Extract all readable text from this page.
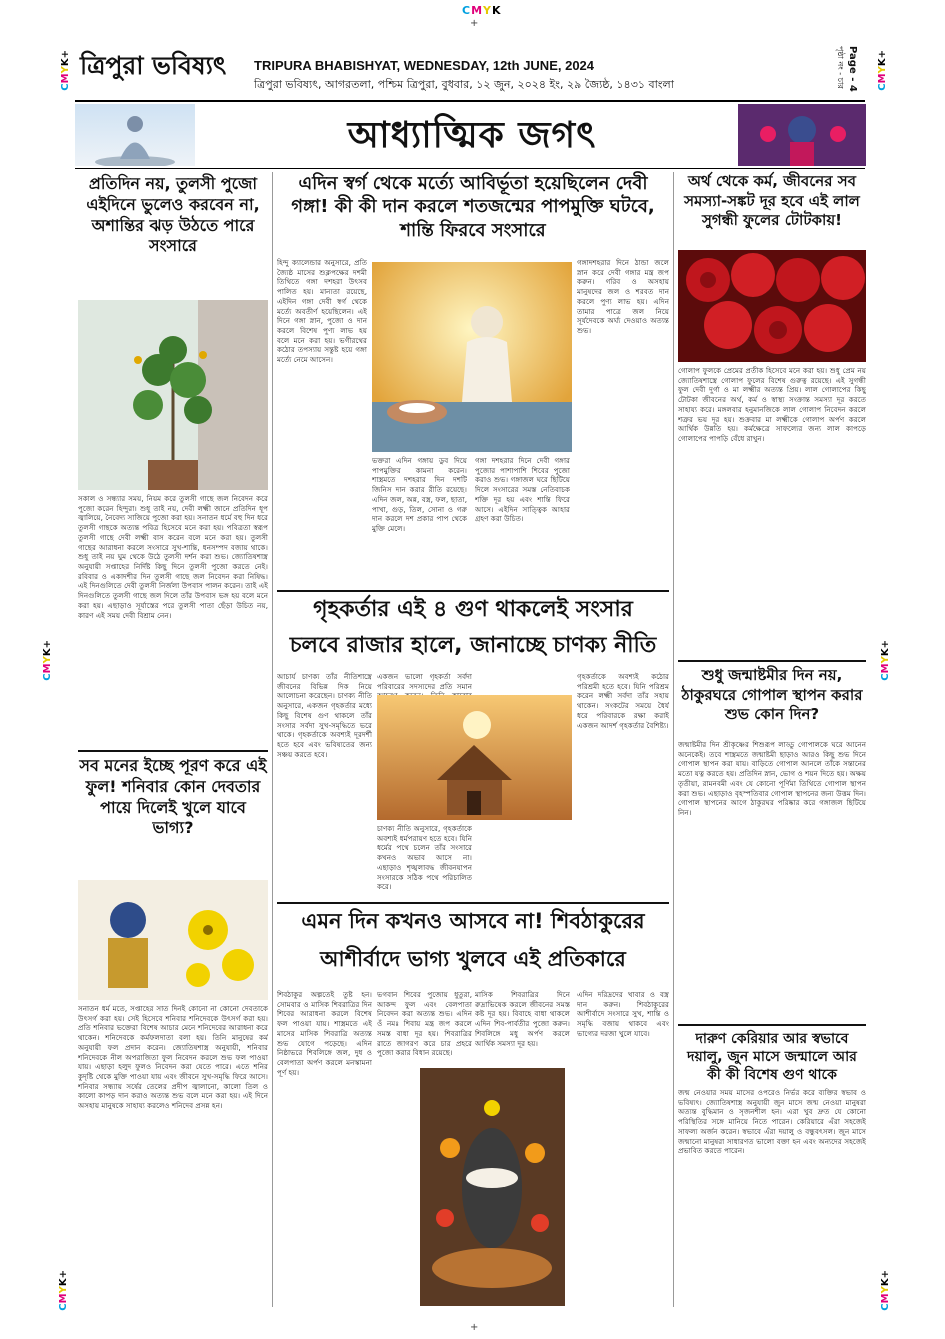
CMYK
+
CMYK+
CMYK+
CMYK+
CMYK+
CMYK+
CMYK+
+
ত্রিপুরা ভবিষ্যৎ TRIPURA BHABISHYAT, WEDNESDAY, 12th JUNE, 2024
ত্রিপুরা ভবিষ্যৎ, আগরতলা, পশ্চিম ত্রিপুরা, বুধবার, ১২ জুন, ২০২৪ ইং, ২৯ জ্যৈষ্ঠ, ১৪৩১ বাংলা	Page - 4 পৃষ্ঠা নং - চার
আধ্যাত্মিক জগৎ
প্রতিদিন নয়, তুলসী পুজো এইদিনে ভুলেও করবেন না, অশান্তির ঝড় উঠতে পারে সংসারে
সকাল ও সন্ধ্যার সময়, নিয়ম করে তুলসী গাছে জল নিবেদন করে পুজো করেন হিন্দুরা। শুধু তাই নয়, দেবী লক্ষ্মী জানে প্রতিদিন ধূপ জ্বালিয়ে, নৈবেদ্য সাজিয়ে পুজো করা হয়। সনাতন ধর্মে বহু দিন ধরে তুলসী গাছকে অত্যন্ত পবিত্র হিসেবে মনে করা হয়। পবিত্রতা স্বরূপ তুলসী গাছে দেবী লক্ষ্মী বাস করেন বলে মনে করা হয়। তুলসী গাছের আরাধনা করলে সংসারে সুখ-শান্তি, ধনসম্পদ বজায় থাকে। শুধু তাই নয় ঘুম থেকে উঠে তুলসী দর্শন করা শুভ। জ্যোতিষশাস্ত্র অনুযায়ী সপ্তাহের নির্দিষ্ট কিছু দিনে তুলসী পুজো করতে নেই। রবিবার ও একাদশীর দিন তুলসী গাছে জল নিবেদন করা নিষিদ্ধ। এই দিনগুলিতে দেবী তুলসী নির্জলা উপবাস পালন করেন। তাই এই দিনগুলিতে তুলসী গাছে জল দিলে তাঁর উপবাস ভঙ্গ হয় বলে মনে করা হয়। এছাড়াও সূর্যাস্তের পরে তুলসী পাতা ছেঁড়া উচিত নয়, কারণ এই সময় দেবী বিশ্রাম নেন।
সব মনের ইচ্ছে পূরণ করে এই ফুল! শনিবার কোন দেবতার পায়ে দিলেই খুলে যাবে ভাগ্য?
সনাতন ধর্ম মতে, সপ্তাহের সাত দিনই কোনো না কোনো দেবতাকে উৎসর্গ করা হয়। সেই হিসেবে শনিবার শনিদেবকে উৎসর্গ করা হয়। প্রতি শনিবার ভক্তেরা বিশেষ আচার মেনে শনিদেবের আরাধনা করে থাকেন। শনিদেবকে কর্মফলদাতা বলা হয়। তিনি মানুষের কর্ম অনুযায়ী ফল প্রদান করেন। জ্যোতিষশাস্ত্র অনুযায়ী, শনিবার শনিদেবকে নীল অপরাজিতা ফুল নিবেদন করলে শুভ ফল পাওয়া যায়। এছাড়া হলুদ ফুলও নিবেদন করা যেতে পারে। এতে শনির কুদৃষ্টি থেকে মুক্তি পাওয়া যায় এবং জীবনে সুখ-সমৃদ্ধি ফিরে আসে। শনিবার সন্ধ্যায় সর্ষের তেলের প্রদীপ জ্বালানো, কালো তিল ও কালো কাপড় দান করাও অত্যন্ত শুভ বলে মনে করা হয়। এই দিনে অসহায় মানুষকে সাহায্য করলেও শনিদেব প্রসন্ন হন।
এদিন স্বর্গ থেকে মর্ত্যে আবির্ভূতা হয়েছিলেন দেবী গঙ্গা! কী কী দান করলে শতজন্মের পাপমুক্তি ঘটবে, শান্তি ফিরবে সংসারে
হিন্দু ক্যালেন্ডার অনুসারে, প্রতি জ্যৈষ্ঠ মাসের শুক্লপক্ষের দশমী তিথিতে গঙ্গা দশহরা উৎসব পালিত হয়। মান্যতা রয়েছে, এইদিন গঙ্গা দেবী স্বর্গ থেকে মর্ত্যে অবতীর্ণ হয়েছিলেন। এই দিনে গঙ্গা স্নান, পুজো ও দান করলে বিশেষ পুণ্য লাভ হয় বলে মনে করা হয়। ভগীরথের কঠোর তপস্যায় সন্তুষ্ট হয়ে গঙ্গা মর্ত্যে নেমে আসেন।
ভক্তরা এদিন গঙ্গায় ডুব দিয়ে পাপমুক্তির কামনা করেন। শাস্ত্রমতে দশহরার দিন দশটি জিনিস দান করার রীতি রয়েছে। এদিন জল, অন্ন, বস্ত্র, ফল, ছাতা, পাখা, গুড়, তিল, সোনা ও গরু দান করলে দশ প্রকার পাপ থেকে মুক্তি মেলে।
গঙ্গা দশহরার দিনে দেবী গঙ্গার পুজোর পাশাপাশি শিবের পুজো করাও শুভ। গঙ্গাজল ঘরে ছিটিয়ে দিলে সংসারের সমস্ত নেতিবাচক শক্তি দূর হয় এবং শান্তি ফিরে আসে। এইদিন সাত্ত্বিক আহার গ্রহণ করা উচিত।
গঙ্গাদশহরার দিনে ঠান্ডা জলে স্নান করে দেবী গঙ্গার মন্ত্র জপ করুন। গরিব ও অসহায় মানুষদের জল ও শরবত দান করলে পুণ্য লাভ হয়। এদিন তামার পাত্রে জল নিয়ে সূর্যদেবকে অর্ঘ্য দেওয়াও অত্যন্ত শুভ।
গৃহকর্তার এই ৪ গুণ থাকলেই সংসার
চলবে রাজার হালে, জানাচ্ছে চাণক্য নীতি
আচার্য চাণক্য তাঁর নীতিশাস্ত্রে জীবনের বিভিন্ন দিক নিয়ে আলোচনা করেছেন। চাণক্য নীতি অনুসারে, একজন গৃহকর্তার মধ্যে কিছু বিশেষ গুণ থাকলে তাঁর সংসার সর্বদা সুখ-সমৃদ্ধিতে ভরে থাকে। গৃহকর্তাকে অবশ্যই দূরদর্শী হতে হবে এবং ভবিষ্যতের জন্য সঞ্চয় করতে হবে।
একজন ভালো গৃহকর্তা সর্বদা পরিবারের সদস্যদের প্রতি সমান
চাণক্য নীতি অনুসারে, গৃহকর্তাকে অবশ্যই ধর্মপরায়ণ হতে হবে। যিনি ধর্মের পথে চলেন তাঁর সংসারে কখনও অভাব আসে না। এছাড়াও শৃঙ্খলাবদ্ধ জীবনযাপন সংসারকে সঠিক পথে পরিচালিত করে।
গৃহকর্তাকে অবশ্যই কঠোর পরিশ্রমী হতে হবে। যিনি পরিশ্রম করেন লক্ষ্মী সর্বদা তাঁর সহায় থাকেন। সংকটের সময়ে ধৈর্য ধরে পরিবারকে রক্ষা করাই একজন আদর্শ গৃহকর্তার বৈশিষ্ট্য।
এমন দিন কখনও আসবে না! শিবঠাকুরের
আশীর্বাদে ভাগ্য খুলবে এই প্রতিকারে
শিবঠাকুর অল্পতেই তুষ্ট হন। সোমবার ও মাসিক শিবরাত্রির দিন শিবের আরাধনা করলে বিশেষ ফল পাওয়া যায়। শাস্ত্রমতে এই মাসের মাসিক শিবরাত্রি অত্যন্ত শুভ যোগে পড়েছে। এদিন নিষ্ঠাভরে শিবলিঙ্গে জল, দুধ ও বেলপাতা অর্পণ করলে মনস্কামনা পূর্ণ হয়।
ভগবান শিবের পুজোয় ধুতুরা, আকন্দ ফুল এবং বেলপাতা নিবেদন করা অত্যন্ত শুভ। এদিন ওঁ নমঃ শিবায় মন্ত্র জপ করলে সমস্ত বাধা দূর হয়। শিবরাত্রির রাতে জাগরণ করে চার প্রহরে পুজো করার বিধান রয়েছে।
মাসিক শিবরাত্রির দিনে রুদ্রাভিষেক করলে জীবনের সমস্ত কষ্ট দূর হয়। বিবাহে বাধা থাকলে এদিন শিব-পার্বতীর পুজো করুন। শিবলিঙ্গে মধু অর্পণ করলে আর্থিক সমস্যা দূর হয়।
এদিন দরিদ্রদের খাবার ও বস্ত্র দান করুন। শিবঠাকুরের আশীর্বাদে সংসারে সুখ, শান্তি ও সমৃদ্ধি বজায় থাকবে এবং ভাগ্যের দরজা খুলে যাবে।
অর্থ থেকে কর্ম, জীবনের সব সমস্যা-সঙ্কট দূর হবে এই লাল সুগন্ধী ফুলের টোটকায়!
গোলাপ ফুলকে প্রেমের প্রতীক হিসেবে মনে করা হয়। শুধু প্রেম নয় জ্যোতিষশাস্ত্রে গোলাপ ফুলের বিশেষ গুরুত্ব রয়েছে। এই সুগন্ধী ফুল দেবী দুর্গা ও মা লক্ষ্মীর অত্যন্ত প্রিয়। লাল গোলাপের কিছু টোটকা জীবনের অর্থ, কর্ম ও স্বাস্থ্য সংক্রান্ত সমস্যা দূর করতে সাহায্য করে। মঙ্গলবার হনুমানজিকে লাল গোলাপ নিবেদন করলে শত্রুর ভয় দূর হয়। শুক্রবার মা লক্ষ্মীকে গোলাপ অর্পণ করলে আর্থিক উন্নতি হয়। কর্মক্ষেত্রে সাফল্যের জন্য লাল কাপড়ে গোলাপের পাপড়ি বেঁধে রাখুন।
শুধু জন্মাষ্টমীর দিন নয়, ঠাকুরঘরে গোপাল স্থাপন করার শুভ কোন দিন?
জন্মাষ্টমীর দিন শ্রীকৃষ্ণের শিশুরূপ লাড্ডু গোপালকে ঘরে আনেন অনেকেই। তবে শাস্ত্রমতে জন্মাষ্টমী ছাড়াও আরও কিছু শুভ দিনে গোপাল স্থাপন করা যায়। বাড়িতে গোপাল আনলে তাঁকে সন্তানের মতো যত্ন করতে হয়। প্রতিদিন স্নান, ভোগ ও শয়ন দিতে হয়। অক্ষয় তৃতীয়া, রামনবমী এবং যে কোনো পূর্ণিমা তিথিতে গোপাল স্থাপন করা শুভ। এছাড়াও বৃহস্পতিবার গোপাল স্থাপনের জন্য উত্তম দিন। গোপাল স্থাপনের আগে ঠাকুরঘর পরিষ্কার করে গঙ্গাজল ছিটিয়ে নিন।
দারুণ কেরিয়ার আর স্বভাবে দয়ালু, জুন মাসে জন্মালে আর কী কী বিশেষ গুণ থাকে
জন্ম নেওয়ার সময় মাসের ওপরেও নির্ভর করে ব্যক্তির স্বভাব ও ভবিষ্যৎ। জ্যোতিষশাস্ত্র অনুযায়ী জুন মাসে জন্ম নেওয়া মানুষরা অত্যন্ত বুদ্ধিমান ও সৃজনশীল হন। এরা খুব দ্রুত যে কোনো পরিস্থিতির সঙ্গে মানিয়ে নিতে পারেন। কেরিয়ারে এঁরা সহজেই সাফল্য অর্জন করেন। স্বভাবে এঁরা দয়ালু ও বন্ধুবৎসল। জুন মাসে জন্মানো মানুষরা সাধারণত ভালো বক্তা হন এবং অন্যদের সহজেই প্রভাবিত করতে পারেন।
